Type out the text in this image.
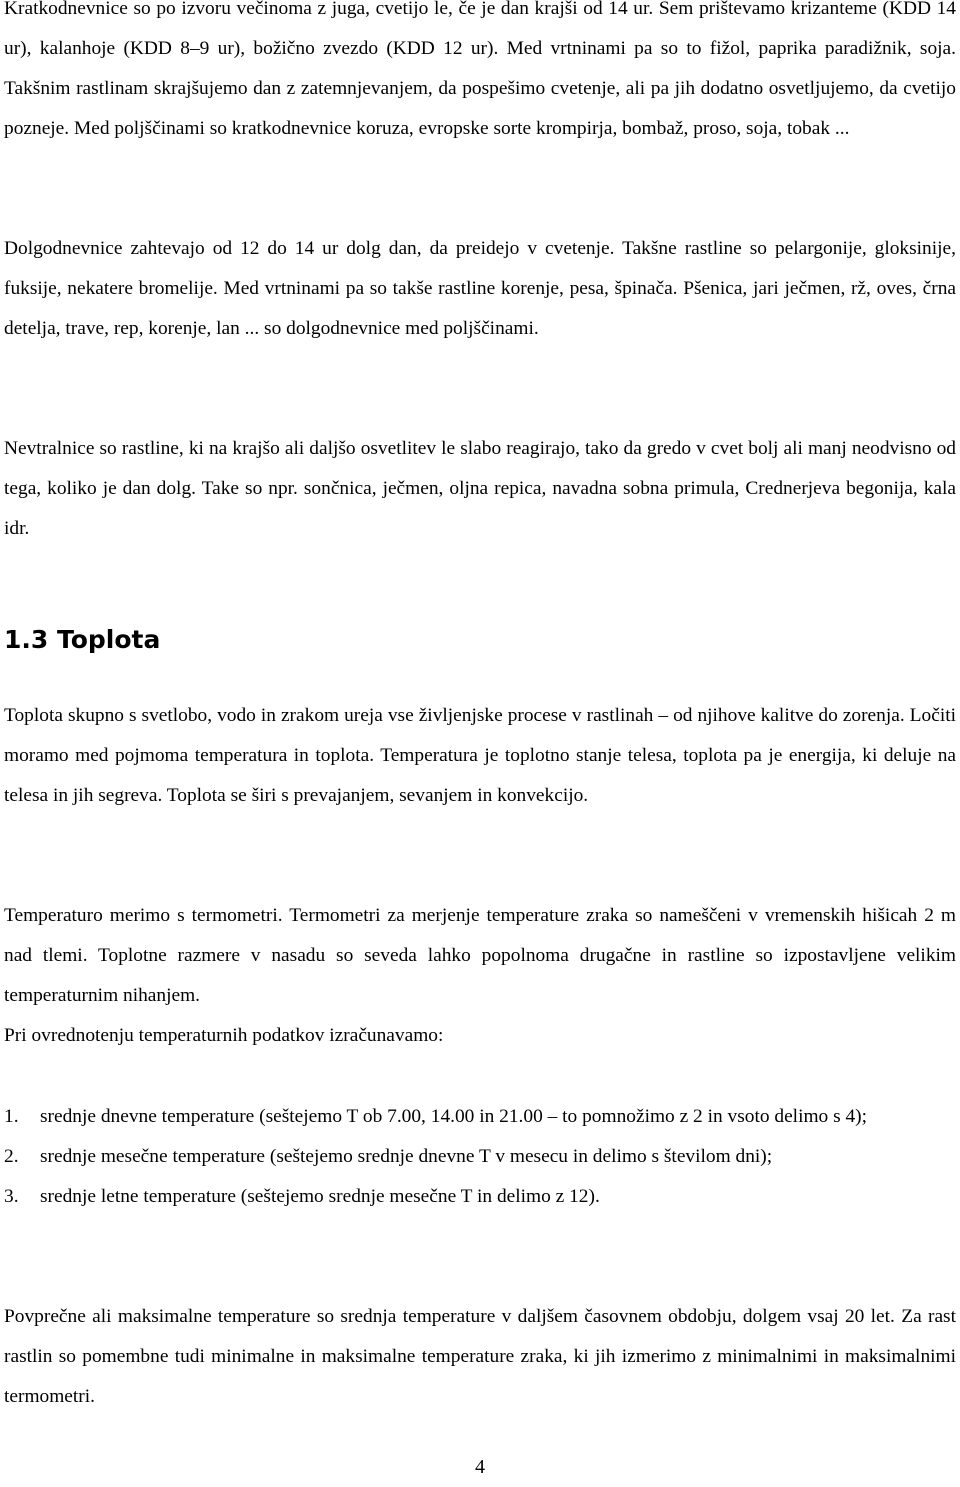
Kratkodnevnice so po izvoru večinoma z juga, cvetijo le, če je dan krajši od 14 ur. Sem prištevamo krizanteme (KDD 14 ur), kalanhoje (KDD 8–9 ur), božično zvezdo (KDD 12 ur). Med vrtninami pa so to fižol, paprika paradižnik, soja. Takšnim rastlinam skrajšujemo dan z zatemnjevanjem, da pospešimo cvetenje, ali pa jih dodatno osvetljujemo, da cvetijo pozneje. Med poljščinami so kratkodnevnice koruza, evropske sorte krompirja, bombaž, proso, soja, tobak ...

Dolgodnevnice zahtevajo od 12 do 14 ur dolg dan, da preidejo v cvetenje. Takšne rastline so pelargonije, gloksinije, fuksije, nekatere bromelije. Med vrtninami pa so takše rastline korenje, pesa, špinača. Pšenica, jari ječmen, rž, oves, črna detelja, trave, rep, korenje, lan ... so dolgodnevnice med poljščinami.

Nevtralnice so rastline, ki na krajšo ali daljšo osvetlitev le slabo reagirajo, tako da gredo v cvet bolj ali manj neodvisno od tega, koliko je dan dolg. Take so npr. sončnica, ječmen, oljna repica, navadna sobna primula, Crednerjeva begonija, kala idr.

1.3 Toplota

Toplota skupno s svetlobo, vodo in zrakom ureja vse življenjske procese v rastlinah – od njihove kalitve do zorenja. Ločiti moramo med pojmoma temperatura in toplota. Temperatura je toplotno stanje telesa, toplota pa je energija, ki deluje na telesa in jih segreva. Toplota se širi s prevajanjem, sevanjem in konvekcijo.

Temperaturo merimo s termometri. Termometri za merjenje temperature zraka so nameščeni v vremenskih hišicah 2 m nad tlemi. Toplotne razmere v nasadu so seveda lahko popolnoma drugačne in rastline so izpostavljene velikim temperaturnim nihanjem.

Pri ovrednotenju temperaturnih podatkov izračunavamo:

1. srednje dnevne temperature (seštejemo T ob 7.00, 14.00 in 21.00 – to pomnožimo z 2 in vsoto delimo s 4);
2. srednje mesečne temperature (seštejemo srednje dnevne T v mesecu in delimo s številom dni);
3. srednje letne temperature (seštejemo srednje mesečne T in delimo z 12).

Povprečne ali maksimalne temperature so srednja temperature v daljšem časovnem obdobju, dolgem vsaj 20 let. Za rast rastlin so pomembne tudi minimalne in maksimalne temperature zraka, ki jih izmerimo z minimalnimi in maksimalnimi termometri.

4
